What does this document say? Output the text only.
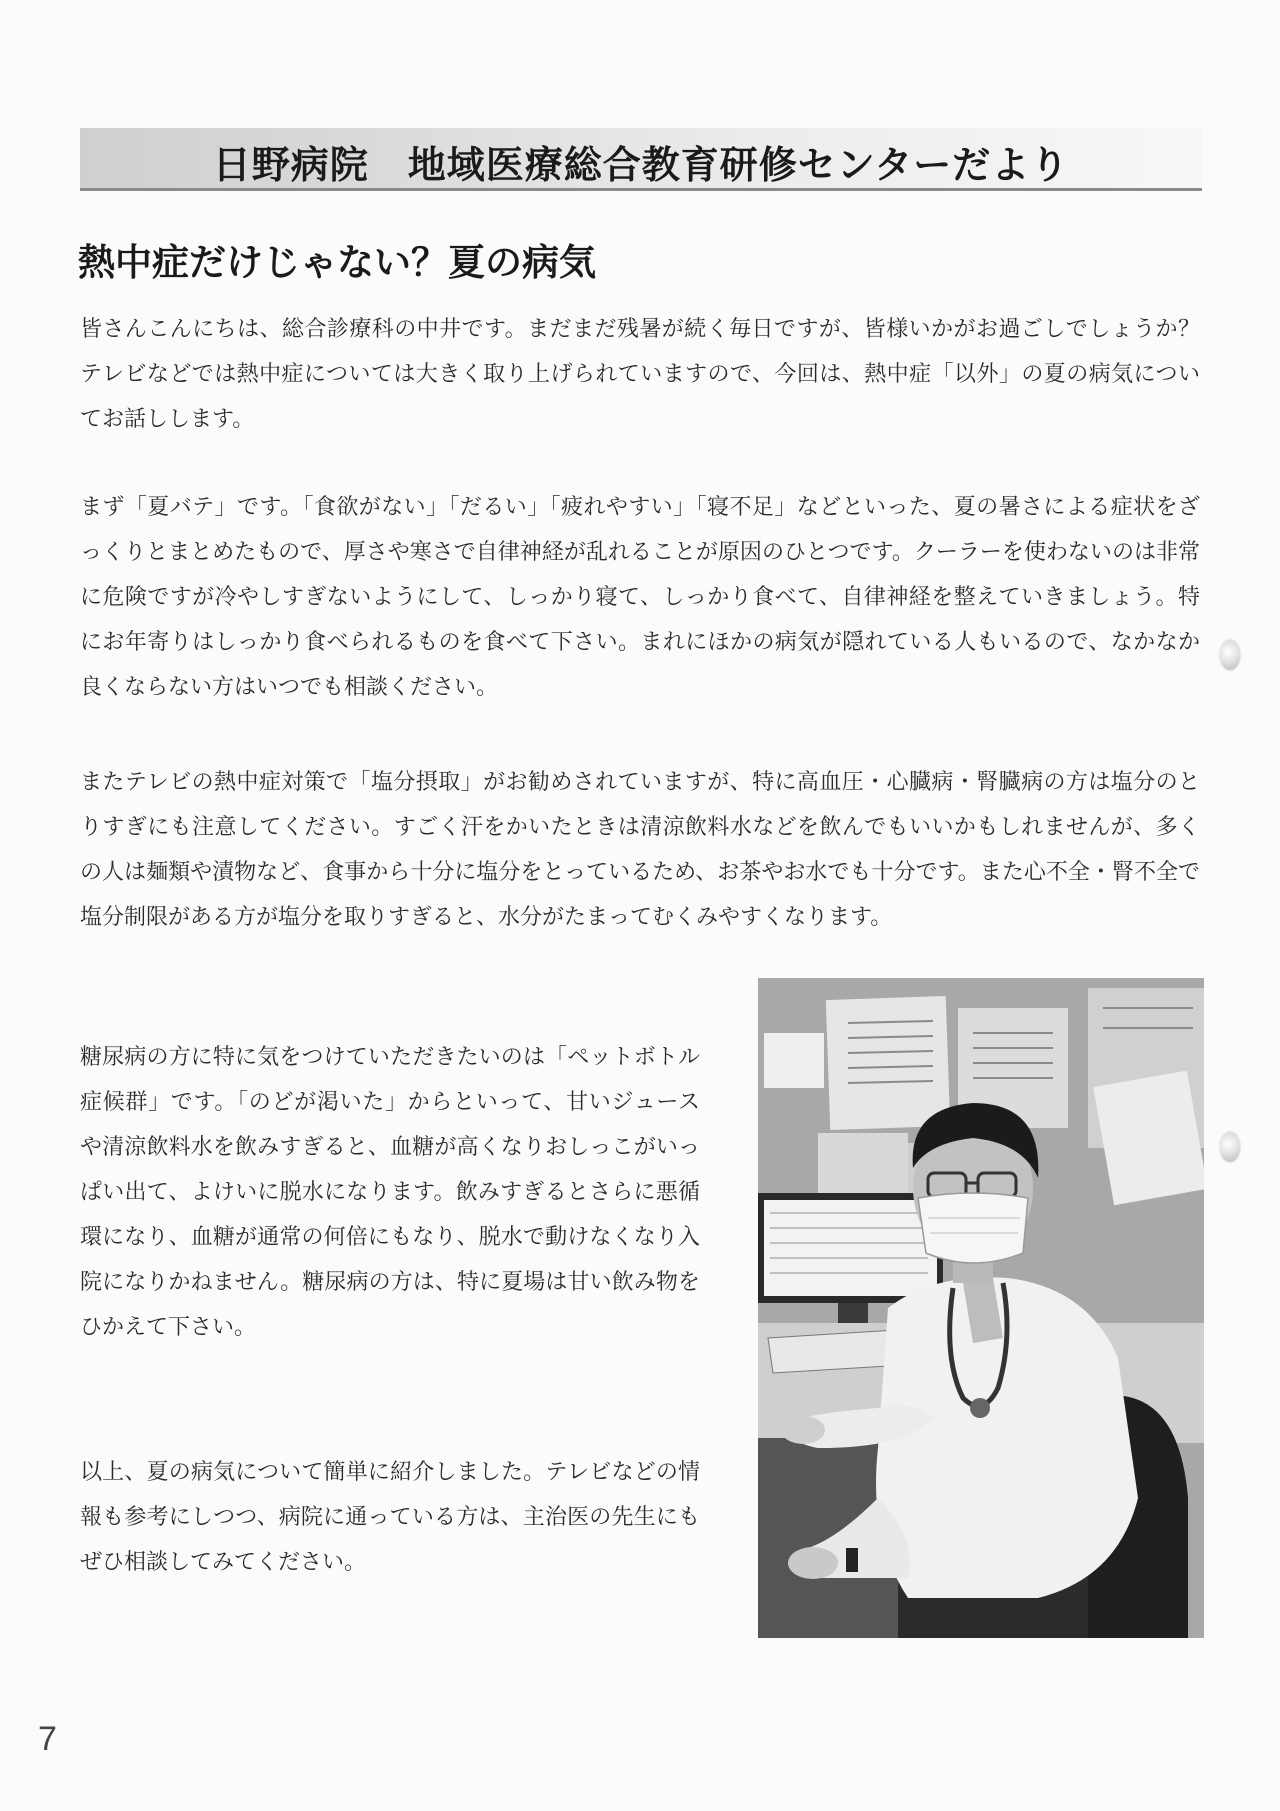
日野病院　地域医療総合教育研修センターだより
熱中症だけじゃない？夏の病気

皆さんこんにちは、総合診療科の中井です。まだまだ残暑が続く毎日ですが、皆様いかがお過ごしでしょうか？テレビなどでは熱中症については大きく取り上げられていますので、今回は、熱中症「以外」の夏の病気についてお話しします。

まず「夏バテ」です。「食欲がない」「だるい」「疲れやすい」「寝不足」などといった、夏の暑さによる症状をざっくりとまとめたもので、厚さや寒さで自律神経が乱れることが原因のひとつです。クーラーを使わないのは非常に危険ですが冷やしすぎないようにして、しっかり寝て、しっかり食べて、自律神経を整えていきましょう。特にお年寄りはしっかり食べられるものを食べて下さい。まれにほかの病気が隠れている人もいるので、なかなか良くならない方はいつでも相談ください。

またテレビの熱中症対策で「塩分摂取」がお勧めされていますが、特に高血圧・心臓病・腎臓病の方は塩分のとりすぎにも注意してください。すごく汗をかいたときは清涼飲料水などを飲んでもいいかもしれませんが、多くの人は麺類や漬物など、食事から十分に塩分をとっているため、お茶やお水でも十分です。また心不全・腎不全で塩分制限がある方が塩分を取りすぎると、水分がたまってむくみやすくなります。

糖尿病の方に特に気をつけていただきたいのは「ペットボトル症候群」です。「のどが渇いた」からといって、甘いジュースや清涼飲料水を飲みすぎると、血糖が高くなりおしっこがいっぱい出て、よけいに脱水になります。飲みすぎるとさらに悪循環になり、血糖が通常の何倍にもなり、脱水で動けなくなり入院になりかねません。糖尿病の方は、特に夏場は甘い飲み物をひかえて下さい。

以上、夏の病気について簡単に紹介しました。テレビなどの情報も参考にしつつ、病院に通っている方は、主治医の先生にもぜひ相談してみてください。

7
